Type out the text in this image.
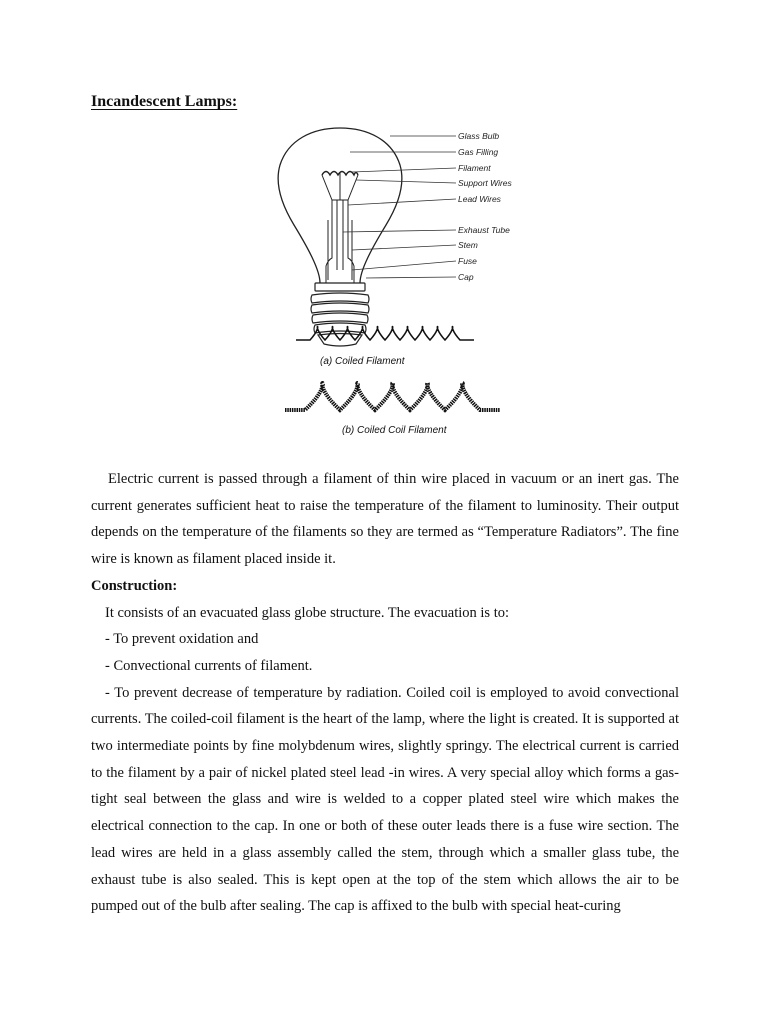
Incandescent Lamps:
Glass Bulb
Gas Filling
Filament
Support Wires
Lead Wires
Exhaust Tube
Stem
Fuse
Cap
(a) Coiled Filament
(b) Coiled Coil Filament

Electric current is passed through a filament of thin wire placed in vacuum or an inert gas. The current generates sufficient heat to raise the temperature of the filament to luminosity. Their output depends on the temperature of the filaments so they are termed as “Temperature Radiators”. The fine wire is known as filament placed inside it.

Construction:

It consists of an evacuated glass globe structure. The evacuation is to:

- To prevent oxidation and

- Convectional currents of filament.

- To prevent decrease of temperature by radiation. Coiled coil is employed to avoid convectional currents. The coiled-coil filament is the heart of the lamp, where the light is created. It is supported at two intermediate points by fine molybdenum wires, slightly springy. The electrical current is carried to the filament by a pair of nickel plated steel lead -in wires. A very special alloy which forms a gas-tight seal between the glass and wire is welded to a copper plated steel wire which makes the electrical connection to the cap. In one or both of these outer leads there is a fuse wire section. The lead wires are held in a glass assembly called the stem, through which a smaller glass tube, the exhaust tube is also sealed. This is kept open at the top of the stem which allows the air to be pumped out of the bulb after sealing. The cap is affixed to the bulb with special heat-curing
